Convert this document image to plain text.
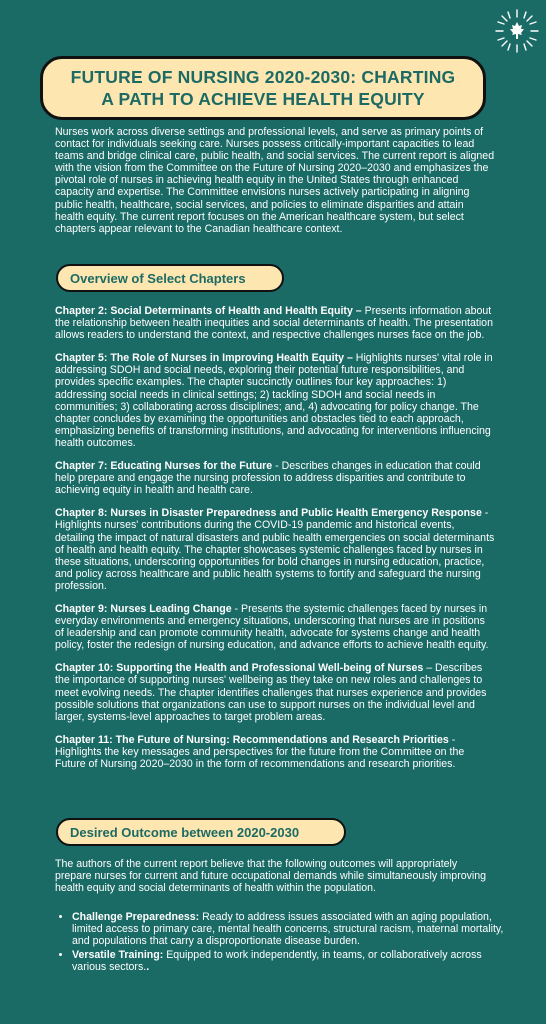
FUTURE OF NURSING 2020-2030: CHARTING
A PATH TO ACHIEVE HEALTH EQUITY

Nurses work across diverse settings and professional levels, and serve as primary points of contact for individuals seeking care. Nurses possess critically-important capacities to lead teams and bridge clinical care, public health, and social services. The current report is aligned with the vision from the Committee on the Future of Nursing 2020–2030 and emphasizes the pivotal role of nurses in achieving health equity in the United States through enhanced capacity and expertise. The Committee envisions nurses actively participating in aligning public health, healthcare, social services, and policies to eliminate disparities and attain health equity. The current report focuses on the American healthcare system, but select chapters appear relevant to the Canadian healthcare context.

Overview of Select Chapters

Chapter 2: Social Determinants of Health and Health Equity – Presents information about the relationship between health inequities and social determinants of health. The presentation allows readers to understand the context, and respective challenges nurses face on the job.

Chapter 5: The Role of Nurses in Improving Health Equity – Highlights nurses' vital role in addressing SDOH and social needs, exploring their potential future responsibilities, and provides specific examples. The chapter succinctly outlines four key approaches: 1) addressing social needs in clinical settings; 2) tackling SDOH and social needs in communities; 3) collaborating across disciplines; and, 4) advocating for policy change. The chapter concludes by examining the opportunities and obstacles tied to each approach, emphasizing benefits of transforming institutions, and advocating for interventions influencing health outcomes.

Chapter 7: Educating Nurses for the Future - Describes changes in education that could help prepare and engage the nursing profession to address disparities and contribute to achieving equity in health and health care.

Chapter 8: Nurses in Disaster Preparedness and Public Health Emergency Response - Highlights nurses' contributions during the COVID-19 pandemic and historical events, detailing the impact of natural disasters and public health emergencies on social determinants of health and health equity. The chapter showcases systemic challenges faced by nurses in these situations, underscoring opportunities for bold changes in nursing education, practice, and policy across healthcare and public health systems to fortify and safeguard the nursing profession.

Chapter 9: Nurses Leading Change - Presents the systemic challenges faced by nurses in everyday environments and emergency situations, underscoring that nurses are in positions of leadership and can promote community health, advocate for systems change and health policy, foster the redesign of nursing education, and advance efforts to achieve health equity.

Chapter 10: Supporting the Health and Professional Well-being of Nurses – Describes the importance of supporting nurses' wellbeing as they take on new roles and challenges to meet evolving needs. The chapter identifies challenges that nurses experience and provides possible solutions that organizations can use to support nurses on the individual level and larger, systems-level approaches to target problem areas.

Chapter 11: The Future of Nursing: Recommendations and Research Priorities - Highlights the key messages and perspectives for the future from the Committee on the Future of Nursing 2020–2030 in the form of recommendations and research priorities.

Desired Outcome between 2020-2030

The authors of the current report believe that the following outcomes will appropriately prepare nurses for current and future occupational demands while simultaneously improving health equity and social determinants of health within the population.

• Challenge Preparedness: Ready to address issues associated with an aging population, limited access to primary care, mental health concerns, structural racism, maternal mortality, and populations that carry a disproportionate disease burden.
• Versatile Training: Equipped to work independently, in teams, or collaboratively across various sectors..
